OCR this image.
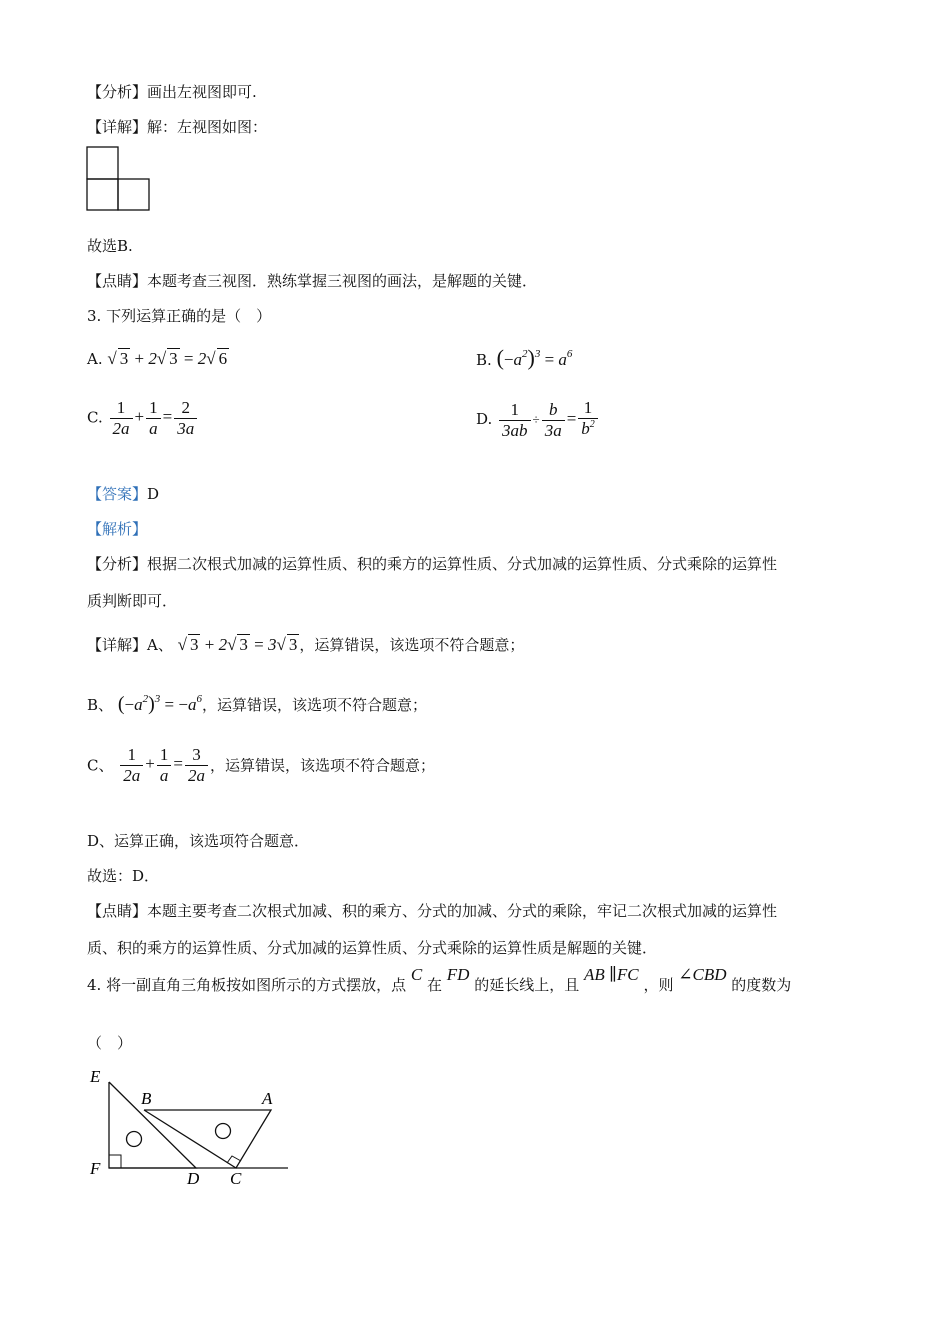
【分析】画出左视图即可.
【详解】解：左视图如图：
故选B.
【点睛】本题考查三视图．熟练掌握三视图的画法，是解题的关键．
3. 下列运算正确的是（　）
A. √ 3 + 2√ 3 = 2√ 6	B. $(-a^2)^3 = a^6$
C. $\frac{1}{2a} + \frac{1}{a} = \frac{2}{3a}$	D. $\frac{1}{3ab} \div \frac{b}{3a} = \frac{1}{b^2}$
【答案】D
【解析】
【分析】根据二次根式加减的运算性质、积的乘方的运算性质、分式加减的运算性质、分式乘除的运算性
质判断即可．
【详解】A、 √ 3 + 2√ 3 = 3√ 3 ，运算错误，该选项不符合题意；
B、 $(-a^2)^3 = -a^6$，运算错误，该选项不符合题意；
C、 $\frac{1}{2a} + \frac{1}{a} = \frac{3}{2a}$ ，运算错误，该选项不符合题意；
D、运算正确，该选项符合题意．
故选：D．
【点睛】本题主要考查二次根式加减、积的乘方、分式的加减、分式的乘除，牢记二次根式加减的运算性
质、积的乘方的运算性质、分式加减的运算性质、分式乘除的运算性质是解题的关键．
4. 将一副直角三角板按如图所示的方式摆放，点 C 在 FD 的延长线上，且 AB ∥FC ，则 ∠CBD 的度数为
（　）
E
B	A
F
D C
